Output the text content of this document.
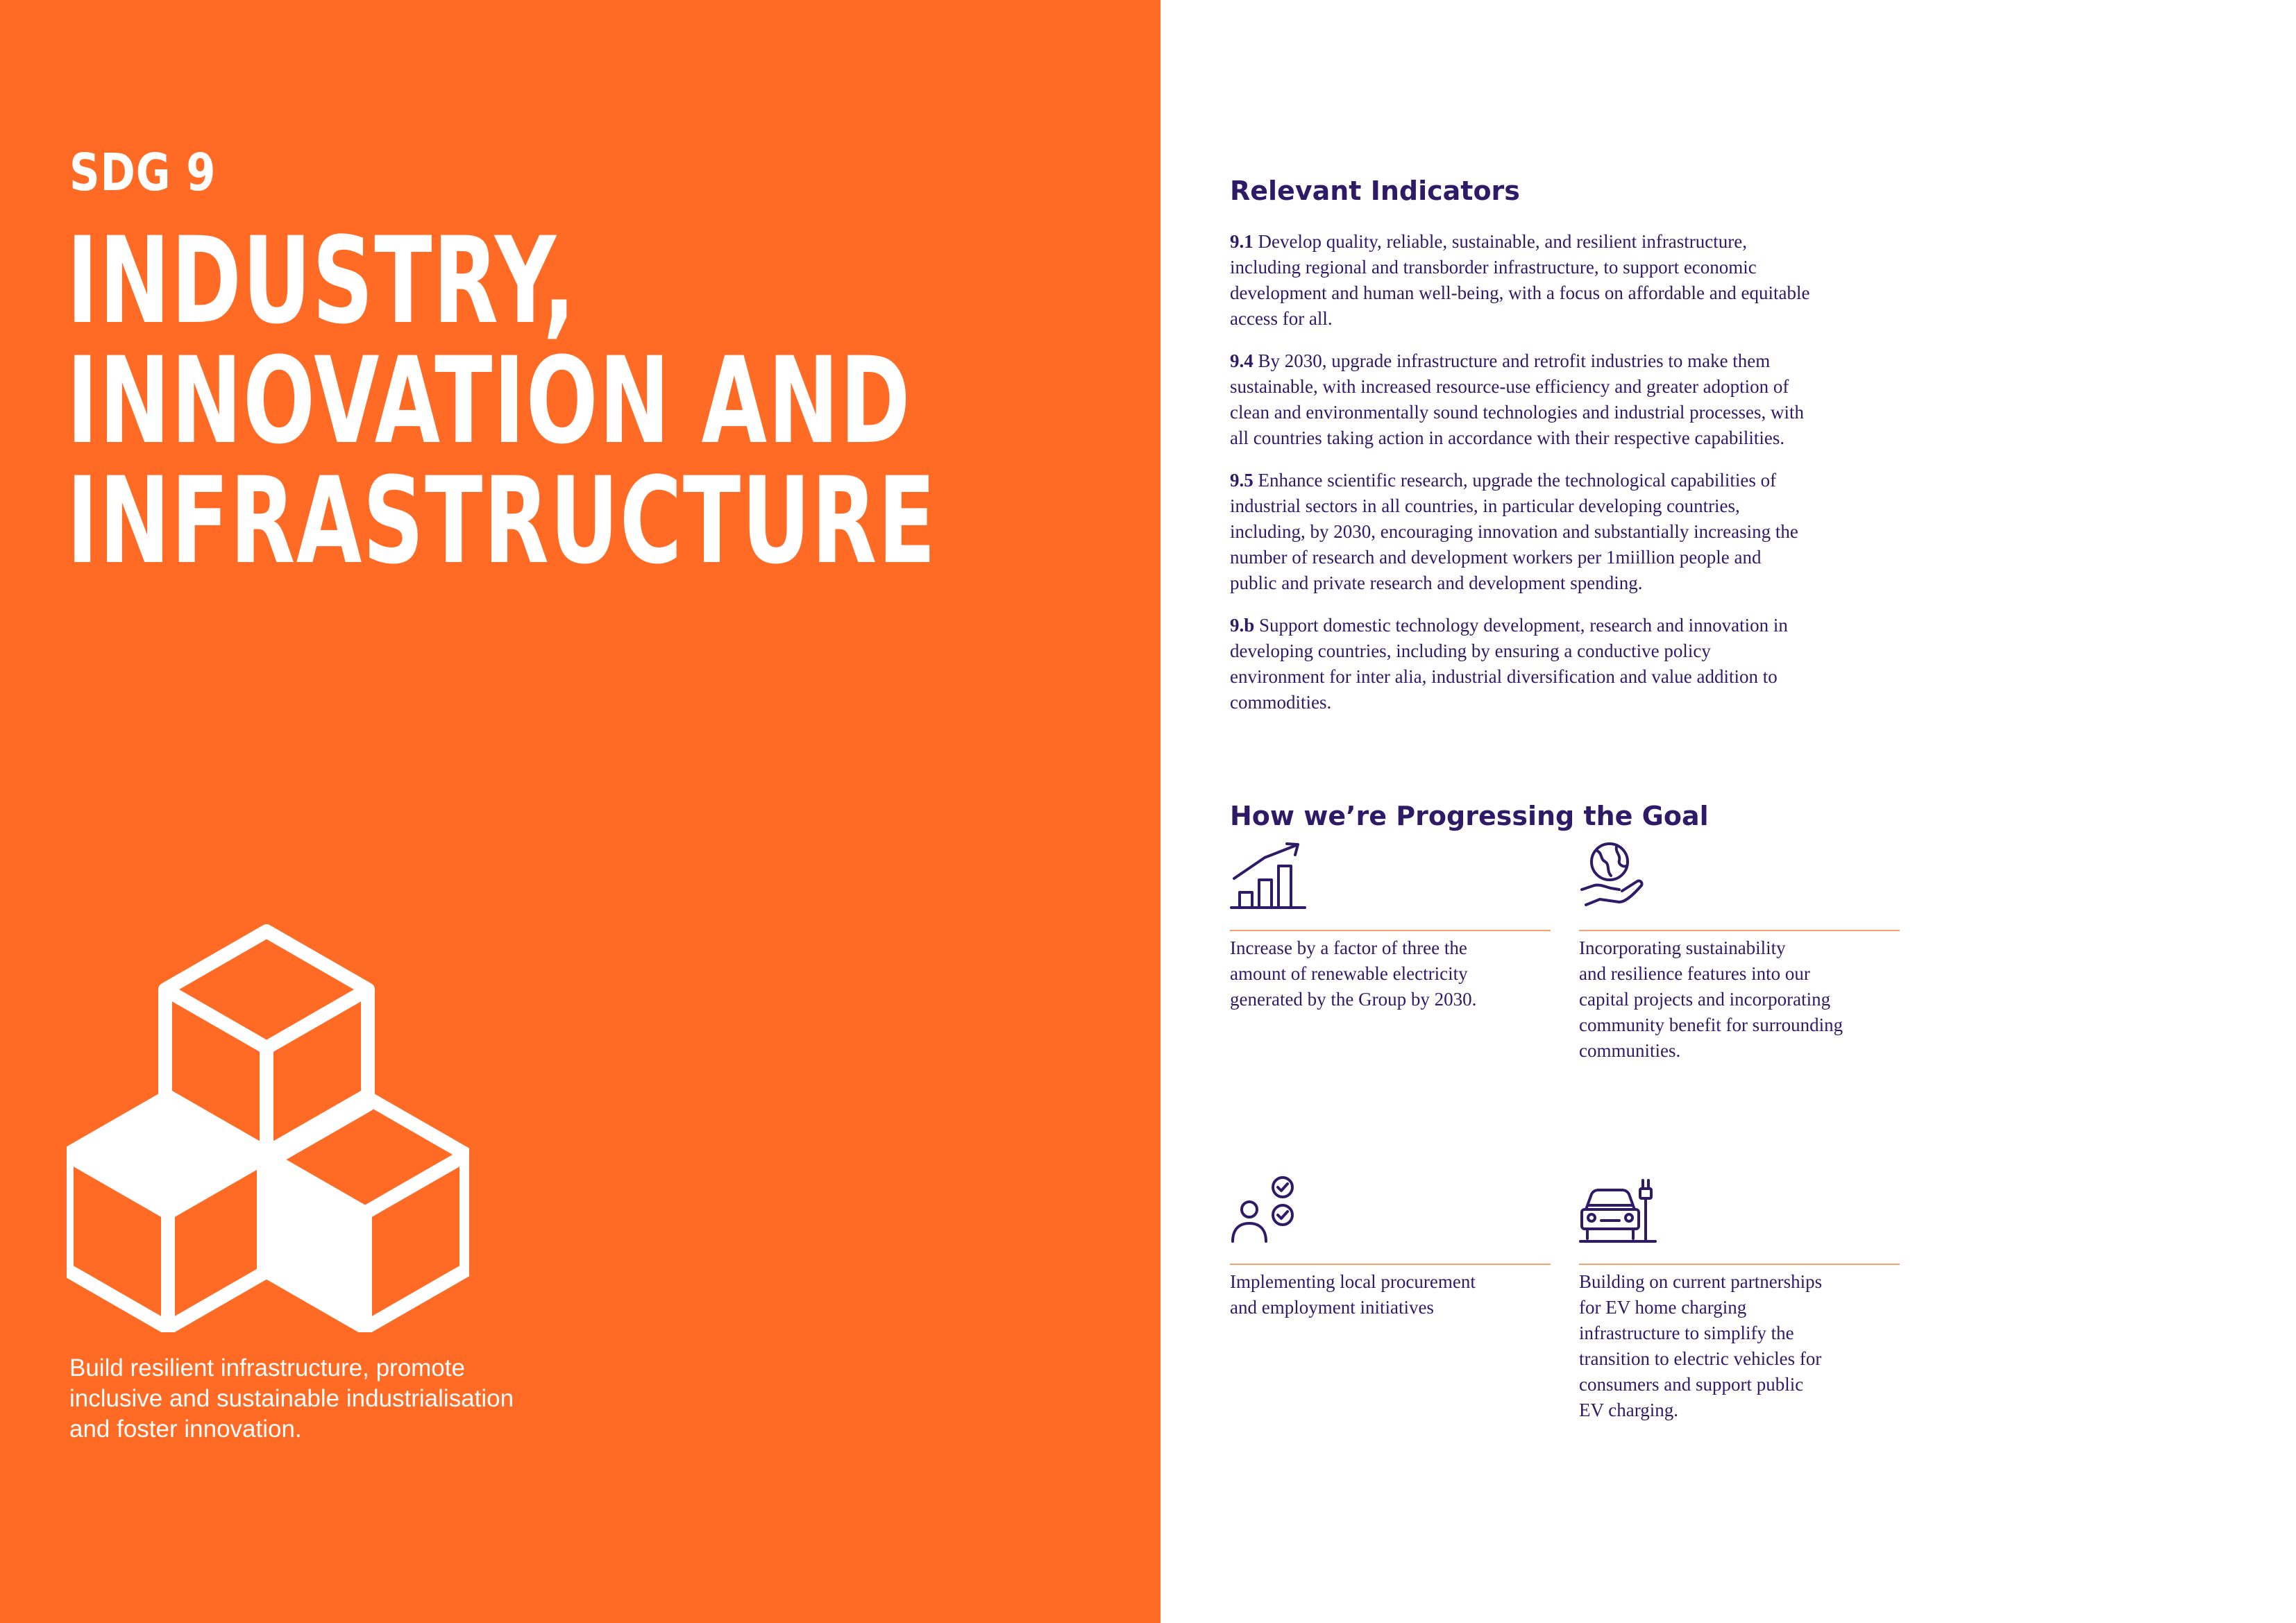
SDG 9
INDUSTRY,
INNOVATION AND
INFRASTRUCTURE
Build resilient infrastructure, promote
inclusive and sustainable industrialisation
and foster innovation.
Relevant Indicators
9.1 Develop quality, reliable, sustainable, and resilient infrastructure,
including regional and transborder infrastructure, to support economic
development and human well-being, with a focus on affordable and equitable
access for all.
9.4 By 2030, upgrade infrastructure and retrofit industries to make them
sustainable, with increased resource-use efficiency and greater adoption of
clean and environmentally sound technologies and industrial processes, with
all countries taking action in accordance with their respective capabilities.
9.5 Enhance scientific research, upgrade the technological capabilities of
industrial sectors in all countries, in particular developing countries,
including, by 2030, encouraging innovation and substantially increasing the
number of research and development workers per 1miillion people and
public and private research and development spending.
9.b Support domestic technology development, research and innovation in
developing countries, including by ensuring a conductive policy
environment for inter alia, industrial diversification and value addition to
commodities.
How we’re Progressing the Goal
Increase by a factor of three the
amount of renewable electricity
generated by the Group by 2030.
Incorporating sustainability
and resilience features into our
capital projects and incorporating
community benefit for surrounding
communities.
Implementing local procurement
and employment initiatives
Building on current partnerships
for EV home charging
infrastructure to simplify the
transition to electric vehicles for
consumers and support public
EV charging.
